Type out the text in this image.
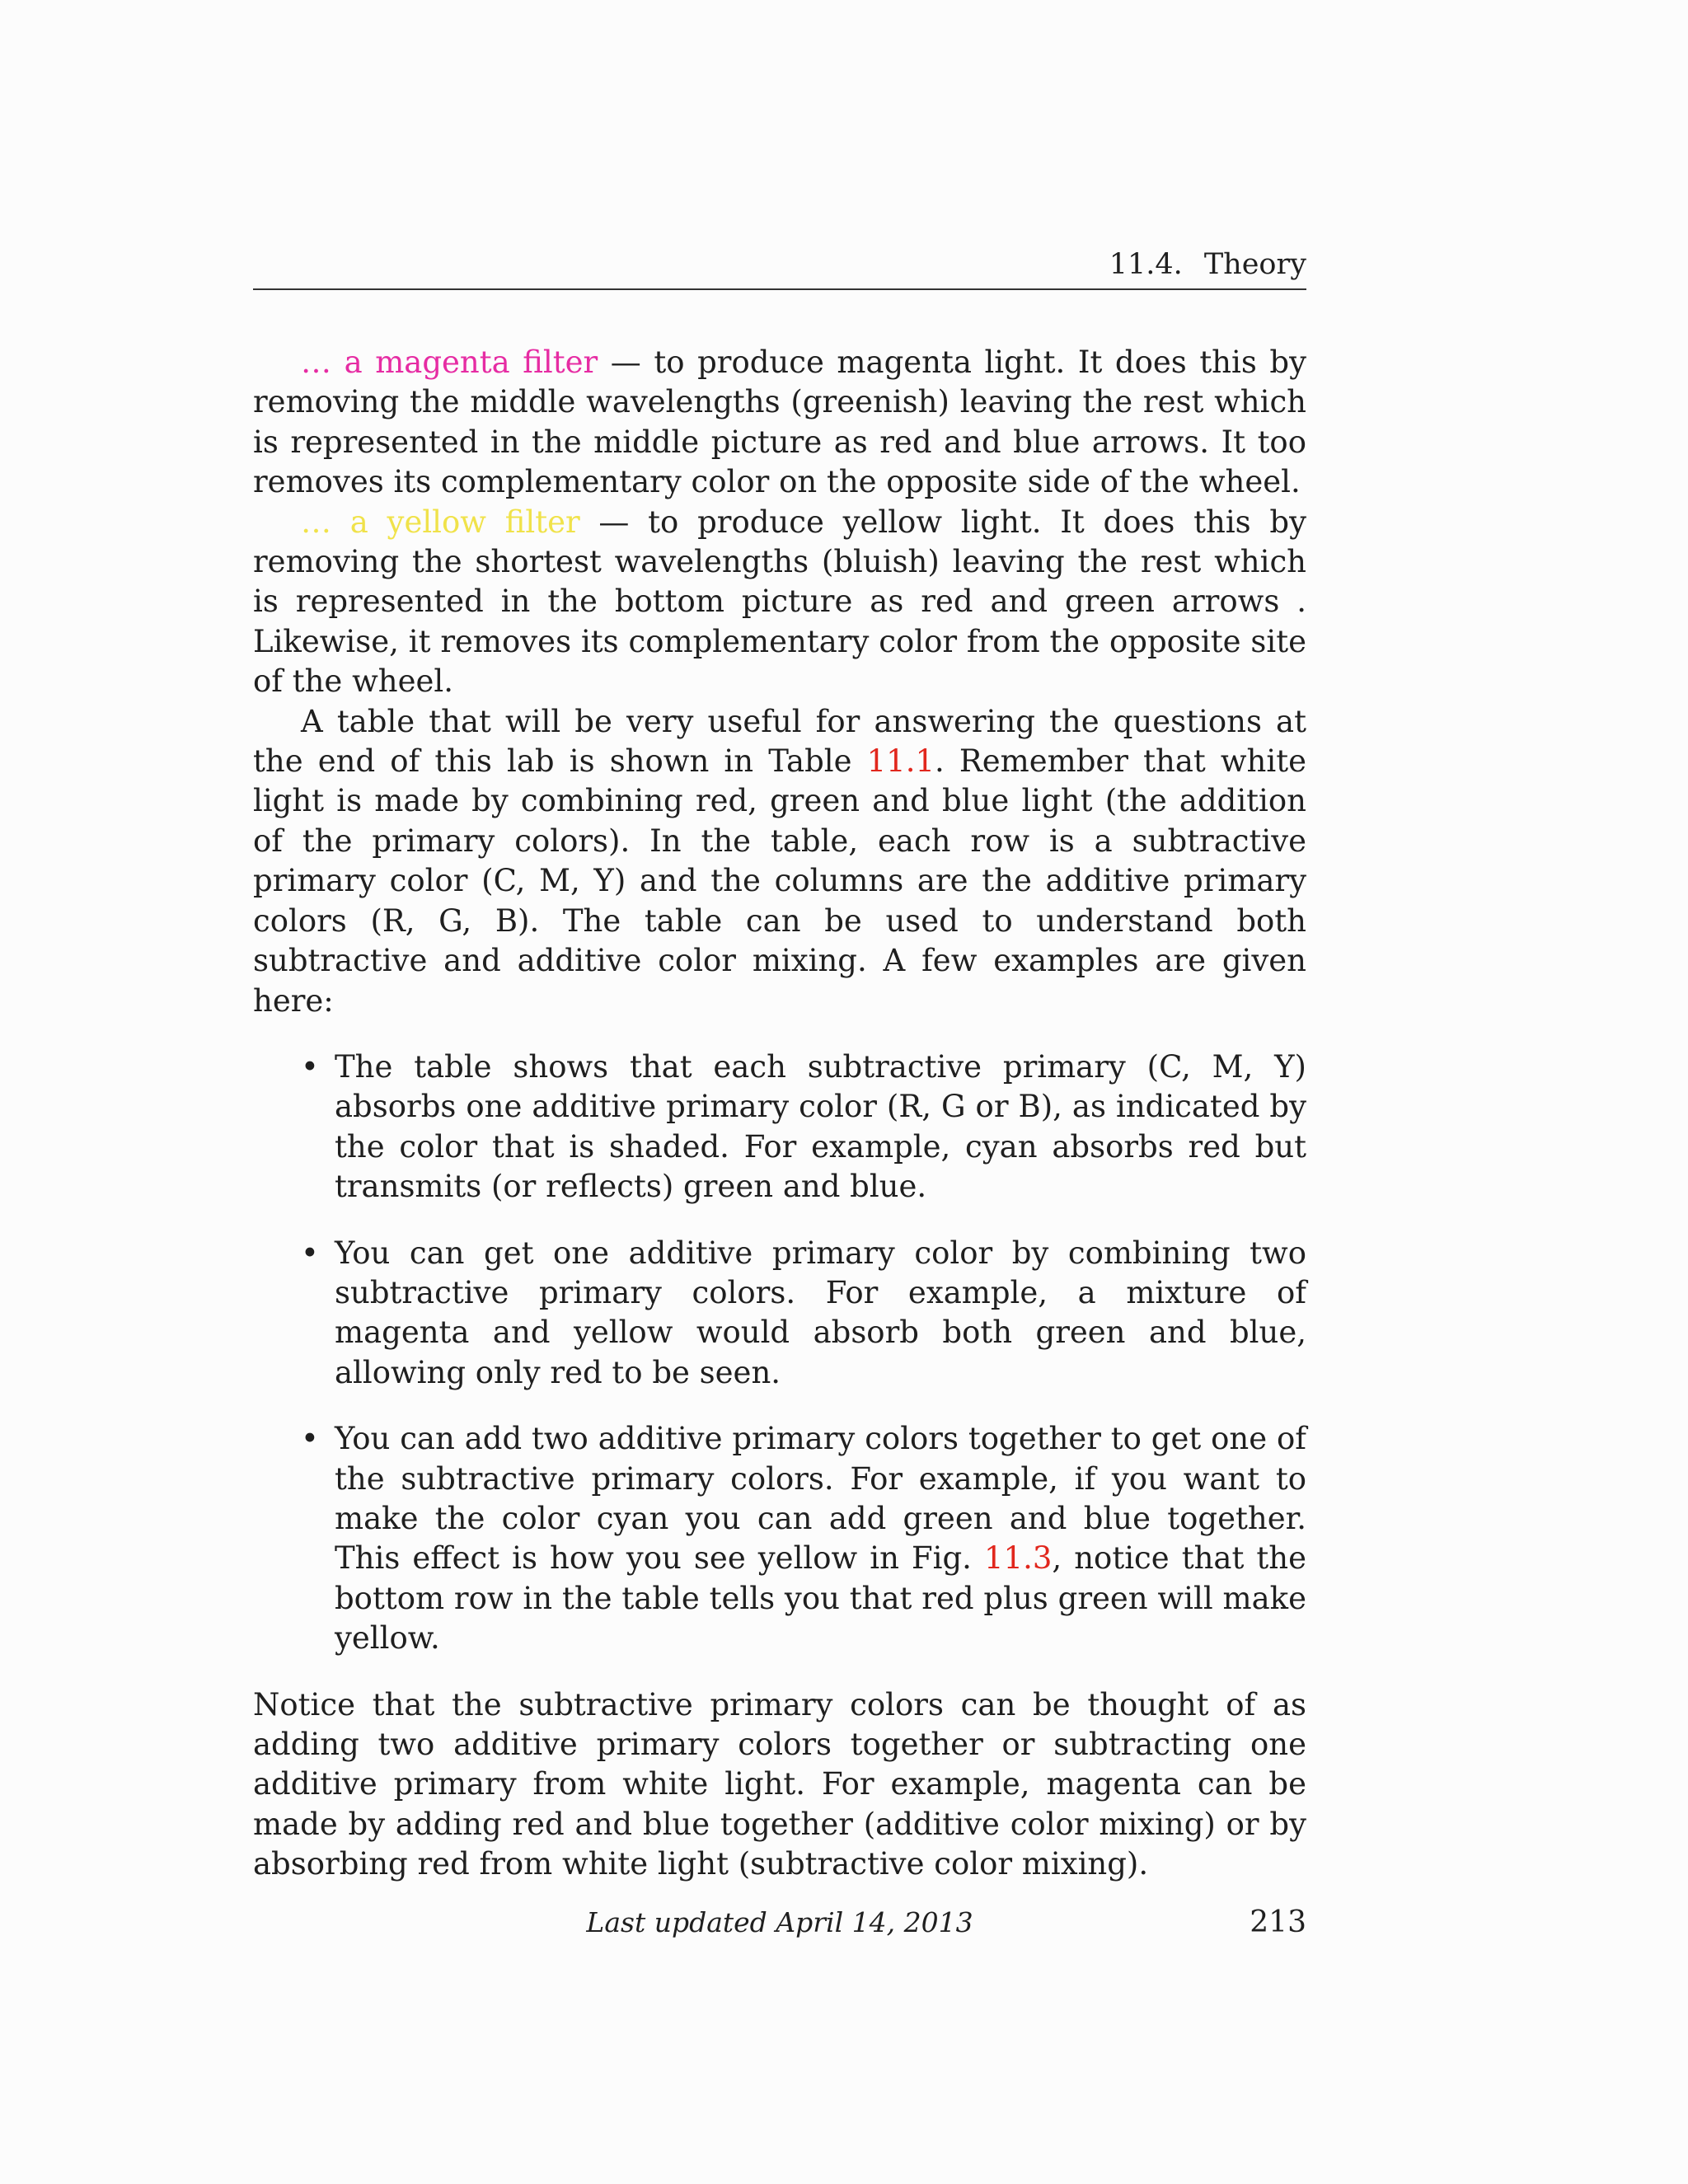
11.4. Theory

… a magenta filter — to produce magenta light. It does this by removing the middle wavelengths (greenish) leaving the rest which is represented in the middle picture as red and blue arrows. It too removes its complementary color on the opposite side of the wheel.

… a yellow filter — to produce yellow light. It does this by removing the shortest wavelengths (bluish) leaving the rest which is represented in the bottom picture as red and green arrows . Likewise, it removes its complementary color from the opposite site of the wheel.

A table that will be very useful for answering the questions at the end of this lab is shown in Table 11.1. Remember that white light is made by combining red, green and blue light (the addition of the primary colors). In the table, each row is a subtractive primary color (C, M, Y) and the columns are the additive primary colors (R, G, B). The table can be used to understand both subtractive and additive color mixing. A few examples are given here:

• The table shows that each subtractive primary (C, M, Y) absorbs one additive primary color (R, G or B), as indicated by the color that is shaded. For example, cyan absorbs red but transmits (or reflects) green and blue.
• You can get one additive primary color by combining two subtractive primary colors. For example, a mixture of magenta and yellow would absorb both green and blue, allowing only red to be seen.
• You can add two additive primary colors together to get one of the subtractive primary colors. For example, if you want to make the color cyan you can add green and blue together. This effect is how you see yellow in Fig. 11.3, notice that the bottom row in the table tells you that red plus green will make yellow.

Notice that the subtractive primary colors can be thought of as adding two additive primary colors together or subtracting one additive primary from white light. For example, magenta can be made by adding red and blue together (additive color mixing) or by absorbing red from white light (subtractive color mixing).

Last updated April 14, 2013	213
